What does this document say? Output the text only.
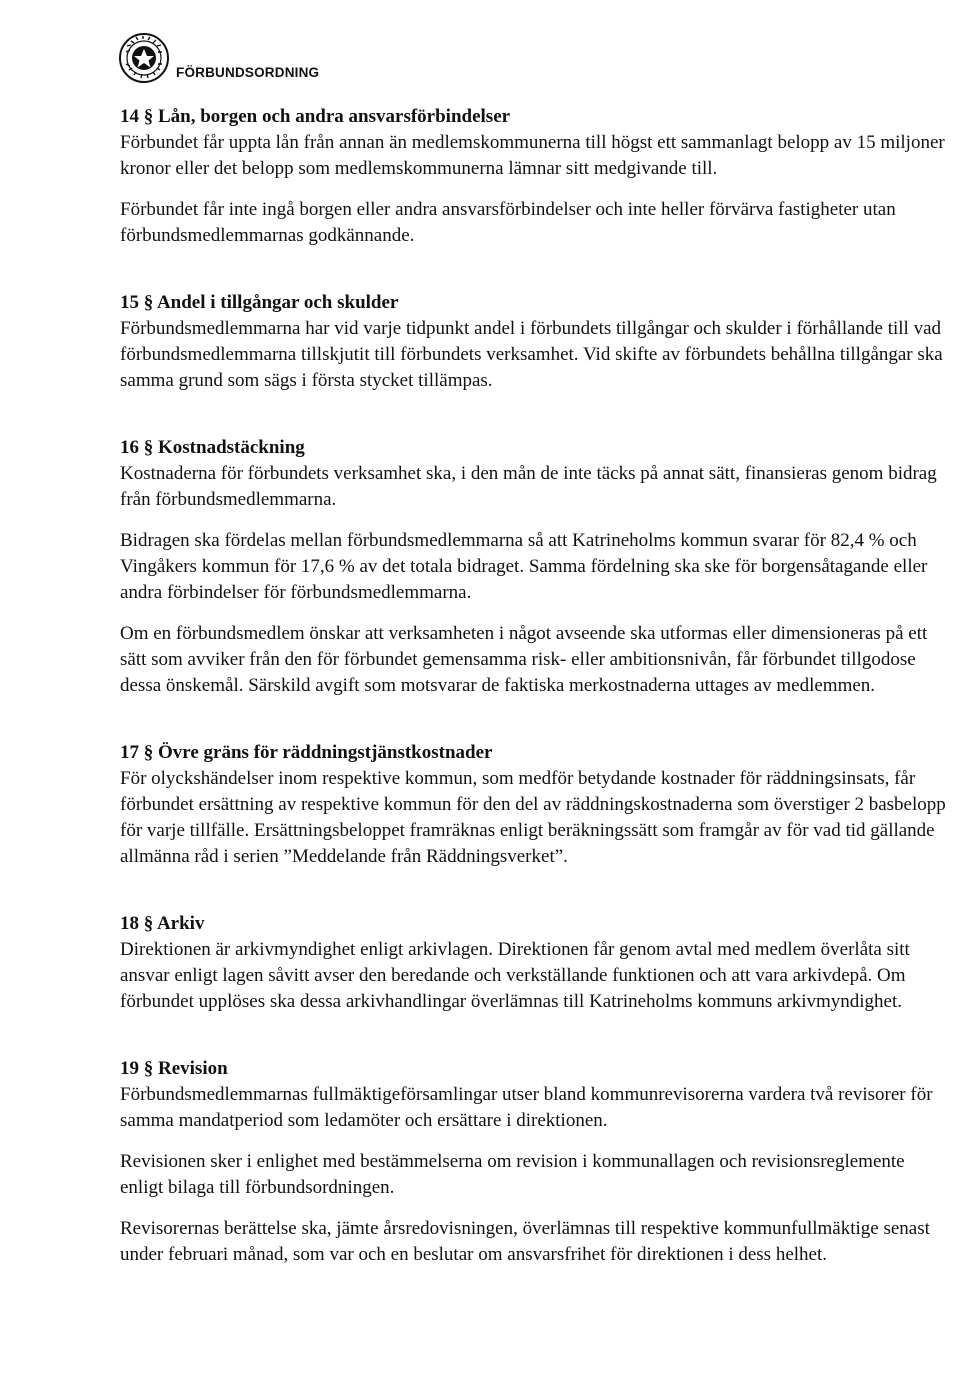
FÖRBUNDSORDNING
14 § Lån, borgen och andra ansvarsförbindelser

Förbundet får uppta lån från annan än medlemskommunerna till högst ett sammanlagt belopp av 15 miljoner kronor eller det belopp som medlemskommunerna lämnar sitt medgivande till.

Förbundet får inte ingå borgen eller andra ansvarsförbindelser och inte heller förvärva fastigheter utan förbundsmedlemmarnas godkännande.

15 § Andel i tillgångar och skulder

Förbundsmedlemmarna har vid varje tidpunkt andel i förbundets tillgångar och skulder i förhållande till vad förbundsmedlemmarna tillskjutit till förbundets verksamhet. Vid skifte av förbundets behållna tillgångar ska samma grund som sägs i första stycket tillämpas.

16 § Kostnadstäckning

Kostnaderna för förbundets verksamhet ska, i den mån de inte täcks på annat sätt, finansieras genom bidrag från förbundsmedlemmarna.

Bidragen ska fördelas mellan förbundsmedlemmarna så att Katrineholms kommun svarar för 82,4 % och Vingåkers kommun för 17,6 % av det totala bidraget. Samma fördelning ska ske för borgensåtagande eller andra förbindelser för förbundsmedlemmarna.

Om en förbundsmedlem önskar att verksamheten i något avseende ska utformas eller dimensioneras på ett sätt som avviker från den för förbundet gemensamma risk- eller ambitionsnivån, får förbundet tillgodose dessa önskemål. Särskild avgift som motsvarar de faktiska merkostnaderna uttages av medlemmen.

17 § Övre gräns för räddningstjänstkostnader

För olyckshändelser inom respektive kommun, som medför betydande kostnader för räddningsinsats, får förbundet ersättning av respektive kommun för den del av räddningskostnaderna som överstiger 2 basbelopp för varje tillfälle. Ersättningsbeloppet framräknas enligt beräkningssätt som framgår av för vad tid gällande allmänna råd i serien ”Meddelande från Räddningsverket”.

18 § Arkiv

Direktionen är arkivmyndighet enligt arkivlagen. Direktionen får genom avtal med medlem överlåta sitt ansvar enligt lagen såvitt avser den beredande och verkställande funktionen och att vara arkivdepå. Om förbundet upplöses ska dessa arkivhandlingar överlämnas till Katrineholms kommuns arkivmyndighet.

19 § Revision

Förbundsmedlemmarnas fullmäktigeförsamlingar utser bland kommunrevisorerna vardera två revisorer för samma mandatperiod som ledamöter och ersättare i direktionen.

Revisionen sker i enlighet med bestämmelserna om revision i kommunallagen och revisionsreglemente enligt bilaga till förbundsordningen.

Revisorernas berättelse ska, jämte årsredovisningen, överlämnas till respektive kommunfullmäktige senast under februari månad, som var och en beslutar om ansvarsfrihet för direktionen i dess helhet.
